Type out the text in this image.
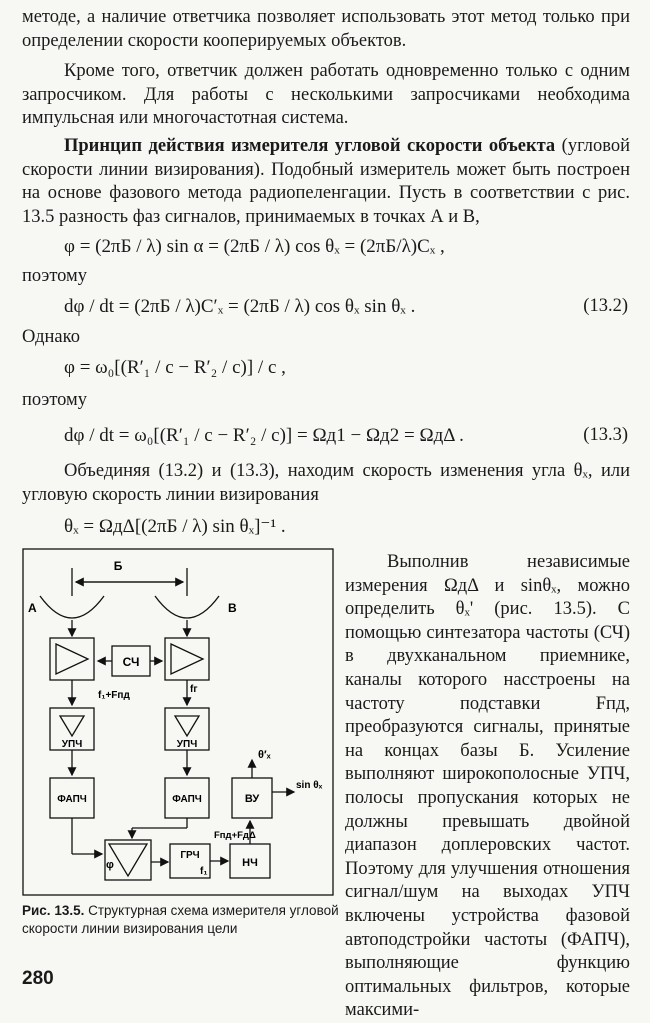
методе, а наличие ответчика позволяет использовать этот метод только при определении скорости кооперируемых объектов.
Кроме того, ответчик должен работать одновременно только с одним запросчиком. Для работы с несколькими запросчиками необходима импульсная или многочастотная система.
Принцип действия измерителя угловой скорости объекта (угловой скорости линии визирования). Подобный измеритель может быть построен на основе фазового метода радиопеленгации. Пусть в соответствии с рис. 13.5 разность фаз сигналов, принимаемых в точках А и В,
φ = (2πБ / λ) sin α = (2πБ / λ) cos θₓ = (2πБ/λ)Cₓ ,
поэтому
dφ / dt = (2πБ / λ)C′ₓ = (2πБ / λ) cos θₓ sin θₓ .	(13.2)
Однако
φ = ω₀[(R′₁ / c − R′₂ / c)] / c ,
поэтому
dφ / dt = ω₀[(R′₁ / c − R′₂ / c)] = Ωд1 − Ωд2 = ΩдΔ .	(13.3)
Объединяя (13.2) и (13.3), находим скорость изменения угла θₓ, или угловую скорость линии визирования
θₓ = ΩдΔ[(2πБ / λ) sin θₓ]⁻¹ .
Б
А	В
СЧ
f₁+Fпд
fг
УПЧ	УПЧ
ФАПЧ	ФАПЧ	ВУ
θ′ₓ
sin θₓ
Fпд+FдΔ
ГРЧ
f₁
НЧ
φ
Рис. 13.5. Структурная схема измерителя угловой скорости линии визирования цели
Выполнив независимые измерения ΩдΔ и sinθₓ, можно определить θₓ' (рис. 13.5). С помощью синтезатора частоты (СЧ) в двухканальном приемнике, каналы которого насстроены на частоту подставки Fпд, преобразуются сигналы, принятые на концах базы Б. Усиление выполняют широкополосные УПЧ, полосы пропускания которых не должны превышать двойной диапазон доплеровских частот. Поэтому для улучшения отношения сигнал/шум на выходах УПЧ включены устройства фазовой автоподстройки частоты (ФАПЧ), выполняющие функцию оптимальных фильтров, которые максими-
280
